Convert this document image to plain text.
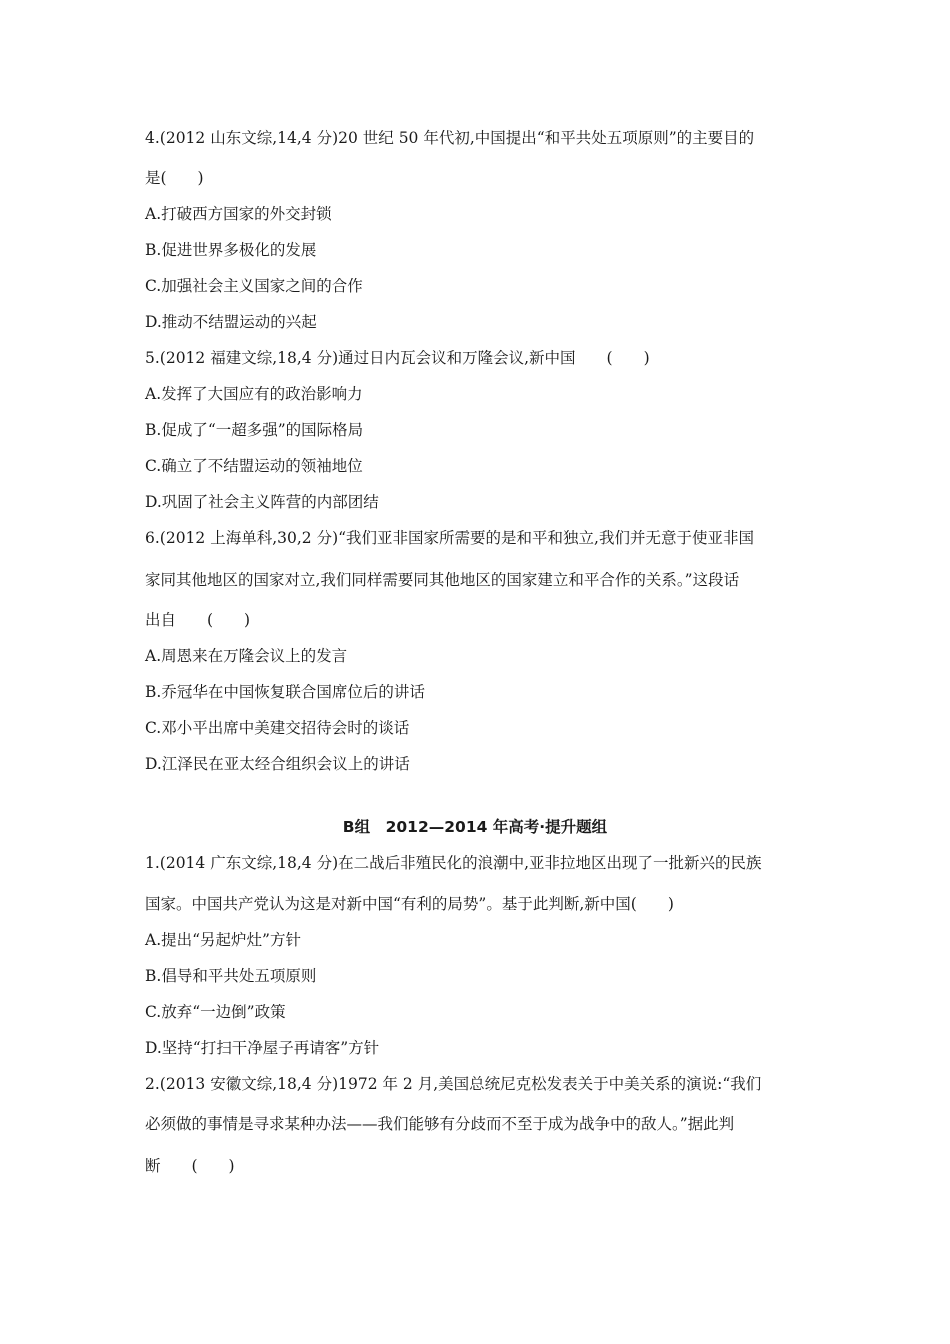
4.(2012 山东文综,14,4 分)20 世纪 50 年代初,中国提出“和平共处五项原则”的主要目的
是(　　)
A.打破西方国家的外交封锁
B.促进世界多极化的发展
C.加强社会主义国家之间的合作
D.推动不结盟运动的兴起
5.(2012 福建文综,18,4 分)通过日内瓦会议和万隆会议,新中国　　(　　)
A.发挥了大国应有的政治影响力
B.促成了“一超多强”的国际格局
C.确立了不结盟运动的领袖地位
D.巩固了社会主义阵营的内部团结
6.(2012 上海单科,30,2 分)“我们亚非国家所需要的是和平和独立,我们并无意于使亚非国
家同其他地区的国家对立,我们同样需要同其他地区的国家建立和平合作的关系。”这段话
出自　　(　　)
A.周恩来在万隆会议上的发言
B.乔冠华在中国恢复联合国席位后的讲话
C.邓小平出席中美建交招待会时的谈话
D.江泽民在亚太经合组织会议上的讲话
B组　2012—2014 年高考·提升题组
1.(2014 广东文综,18,4 分)在二战后非殖民化的浪潮中,亚非拉地区出现了一批新兴的民族
国家。中国共产党认为这是对新中国“有利的局势”。基于此判断,新中国(　　)
A.提出“另起炉灶”方针
B.倡导和平共处五项原则
C.放弃“一边倒”政策
D.坚持“打扫干净屋子再请客”方针
2.(2013 安徽文综,18,4 分)1972 年 2 月,美国总统尼克松发表关于中美关系的演说:“我们
必须做的事情是寻求某种办法——我们能够有分歧而不至于成为战争中的敌人。”据此判
断　　(　　)
